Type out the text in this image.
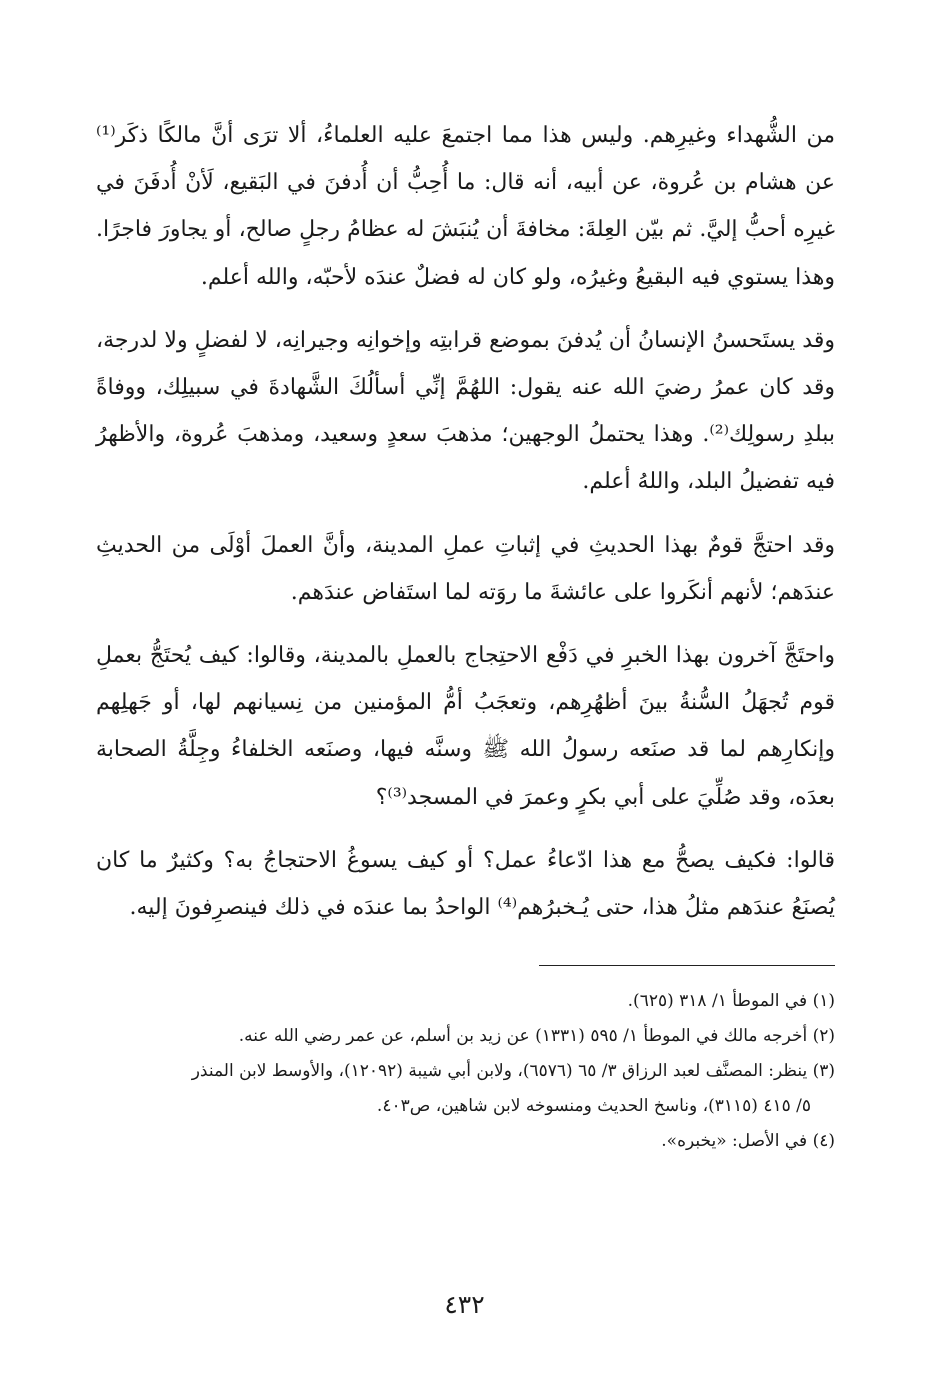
من الشُّهداء وغيرِهم. وليس هذا مما اجتمعَ عليه العلماءُ، ألا ترَى أنَّ مالكًا ذكَر⁽¹⁾ عن هشام بن عُروة، عن أبيه، أنه قال: ما أُحِبُّ أن أُدفنَ في البَقيع، لَأنْ أُدفَنَ في غيرِه أحبُّ إليَّ. ثم بيّن العِلةَ: مخافةَ أن يُنبَشَ له عظامُ رجلٍ صالح، أو يجاورَ فاجرًا. وهذا يستوي فيه البقيعُ وغيرُه، ولو كان له فضلٌ عندَه لأحبّه، والله أعلم.

وقد يستَحسنُ الإنسانُ أن يُدفنَ بموضع قرابتِه وإخوانِه وجيرانِه، لا لفضلٍ ولا لدرجة، وقد كان عمرُ رضيَ الله عنه يقول: اللهُمَّ إنِّي أسألُكَ الشَّهادةَ في سبيلِك، ووفاةً ببلدِ رسولِك⁽²⁾. وهذا يحتملُ الوجهين؛ مذهبَ سعدٍ وسعيد، ومذهبَ عُروة، والأظهرُ فيه تفضيلُ البلد، واللهُ أعلم.

وقد احتجَّ قومٌ بهذا الحديثِ في إثباتِ عملِ المدينة، وأنَّ العملَ أوْلَى من الحديثِ عندَهم؛ لأنهم أنكَروا على عائشةَ ما روَته لما استَفاض عندَهم.

واحتَجَّ آخرون بهذا الخبرِ في دَفْع الاحتِجاج بالعملِ بالمدينة، وقالوا: كيف يُحتَجُّ بعملِ قوم تُجهَلُ السُّنةُ بينَ أظهُرِهم، وتعجَبُ أمُّ المؤمنين من نِسيانهم لها، أو جَهلِهم وإنكارِهم لما قد صنَعه رسولُ الله ﷺ وسنَّه فيها، وصنَعه الخلفاءُ وجِلَّةُ الصحابة بعدَه، وقد صُلِّيَ على أبي بكرٍ وعمرَ في المسجد⁽³⁾؟

قالوا: فكيف يصحُّ مع هذا ادّعاءُ عمل؟ أو كيف يسوغُ الاحتجاجُ به؟ وكثيرٌ ما كان يُصنَعُ عندَهم مثلُ هذا، حتى يُـخبرُهم⁽⁴⁾ الواحدُ بما عندَه في ذلك فينصرِفونَ إليه.

(١) في الموطأ ١/ ٣١٨ (٦٢٥).

(٢) أخرجه مالك في الموطأ ١/ ٥٩٥ (١٣٣١) عن زيد بن أسلم، عن عمر رضي الله عنه.

(٣) ينظر: المصنَّف لعبد الرزاق ٣/ ٦٥ (٦٥٧٦)، ولابن أبي شيبة (١٢٠٩٢)، والأوسط لابن المنذر
٥/ ٤١٥ (٣١١٥)، وناسخ الحديث ومنسوخه لابن شاهين، ص٤٠٣.

(٤) في الأصل: «يخبره».

٤٣٢
